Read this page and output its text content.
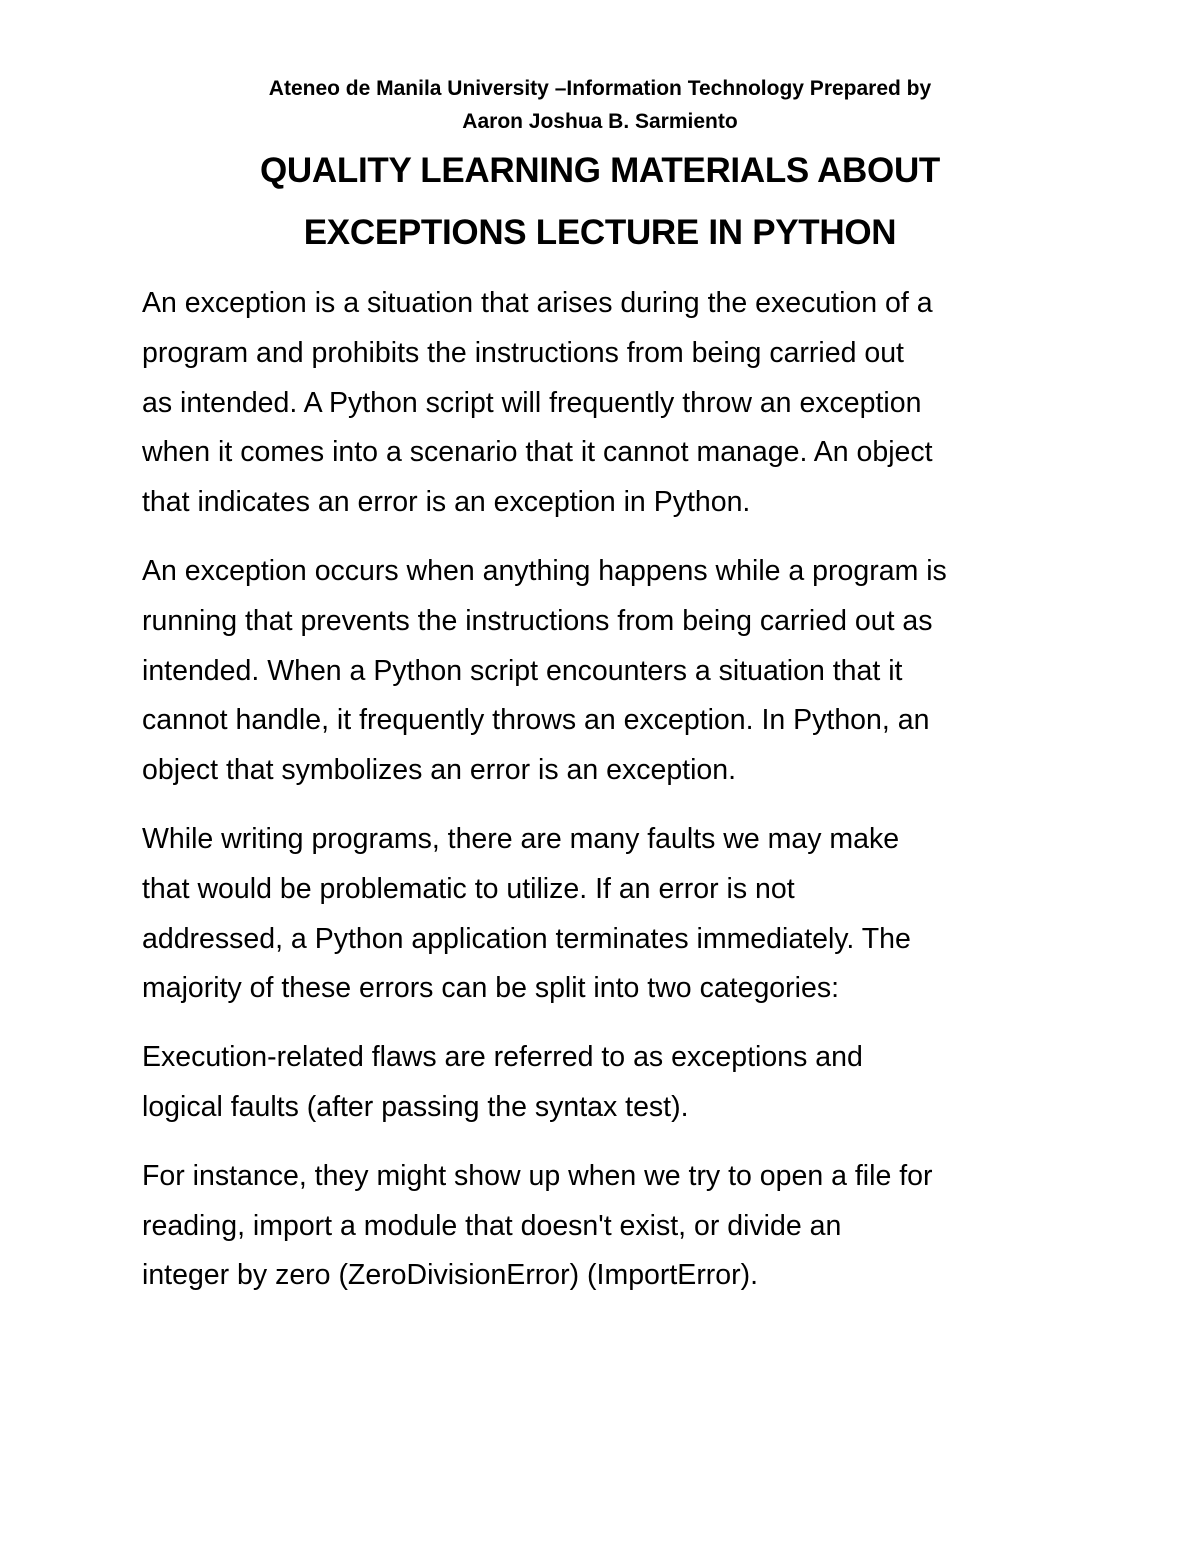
Ateneo de Manila University –Information Technology Prepared by
Aaron Joshua B. Sarmiento
QUALITY LEARNING MATERIALS ABOUT
EXCEPTIONS LECTURE IN PYTHON

An exception is a situation that arises during the execution of a
program and prohibits the instructions from being carried out
as intended. A Python script will frequently throw an exception
when it comes into a scenario that it cannot manage. An object
that indicates an error is an exception in Python.

An exception occurs when anything happens while a program is
running that prevents the instructions from being carried out as
intended. When a Python script encounters a situation that it
cannot handle, it frequently throws an exception. In Python, an
object that symbolizes an error is an exception.

While writing programs, there are many faults we may make
that would be problematic to utilize. If an error is not
addressed, a Python application terminates immediately. The
majority of these errors can be split into two categories:

Execution-related flaws are referred to as exceptions and
logical faults (after passing the syntax test).

For instance, they might show up when we try to open a file for
reading, import a module that doesn't exist, or divide an
integer by zero (ZeroDivisionError) (ImportError).
